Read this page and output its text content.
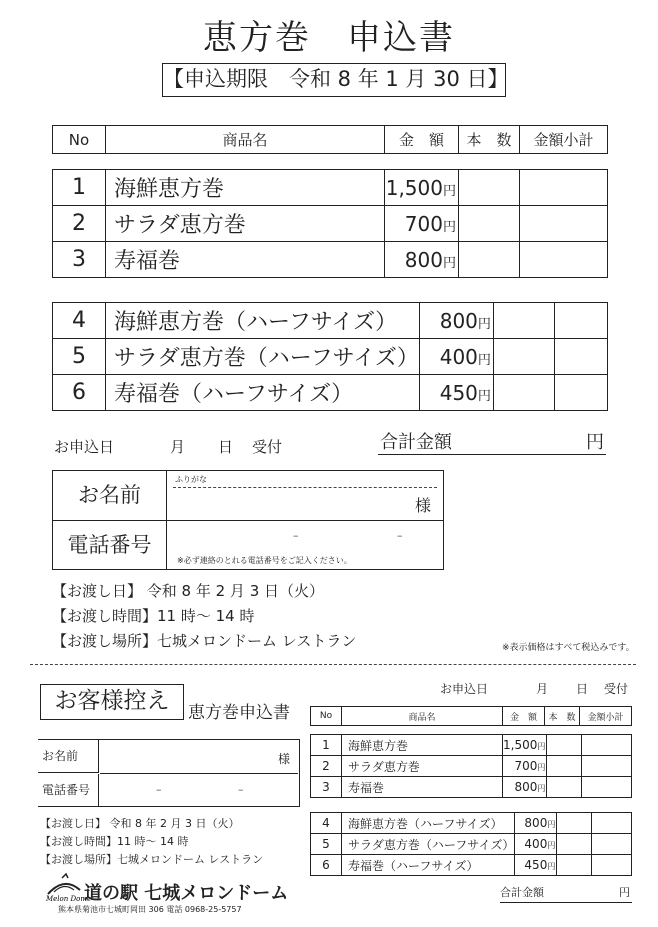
恵方巻　申込書
【申込期限　令和 8 年 1 月 30 日】
No	商品名	金　額	本　数	金額小計
1	海鮮恵方巻	1,500円		
2	サラダ恵方巻	700円		
3	寿福巻	800円		
4	海鮮恵方巻（ハーフサイズ）	800円		
5	サラダ恵方巻（ハーフサイズ）	400円		
6	寿福巻（ハーフサイズ）	450円		
お申込日	月 日 受付	合計金額	円
お名前
ふりがな
様
電話番号	–	–
※必ず連絡のとれる電話番号をご記入ください。
【お渡し日】 令和 8 年 2 月 3 日（火）
【お渡し時間】11 時～ 14 時
【お渡し場所】七城メロンドーム レストラン	※表示価格はすべて税込みです。
お客様控え	恵方巻申込書
お申込日	月 日 受付
お名前	様
電話番号	–	–
【お渡し日】 令和 8 年 2 月 3 日（火）
【お渡し時間】11 時～ 14 時
【お渡し場所】七城メロンドーム レストラン
No	商品名	金　額	本　数	金額小計
1	海鮮恵方巻	1,500円		
2	サラダ恵方巻	700円		
3	寿福巻	800円		
4	海鮮恵方巻（ハーフサイズ）	800円		
5	サラダ恵方巻（ハーフサイズ）	400円		
6	寿福巻（ハーフサイズ）	450円		
合計金額	円
Melon Dome
道の駅 七城メロンドーム
熊本県菊池市七城町岡田 306 電話 0968-25-5757
